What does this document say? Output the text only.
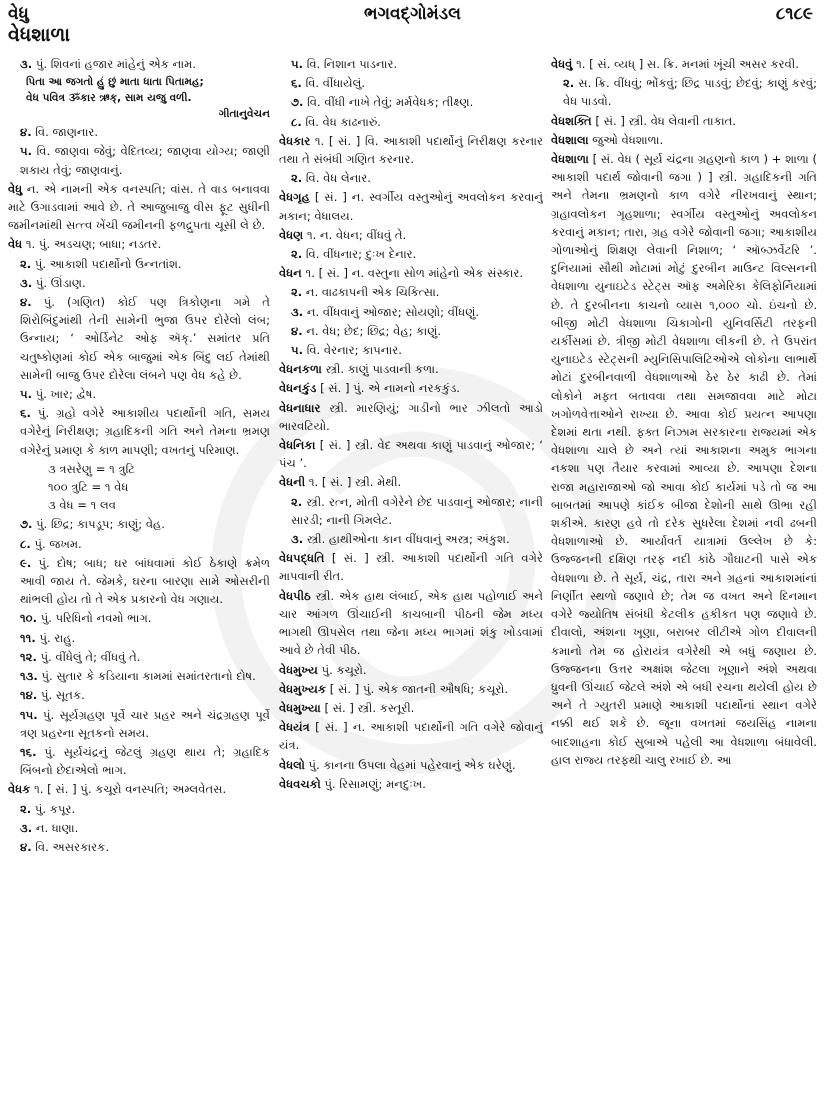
વેધુ
વેધશાળા
ભગવદ્ગોમંડલ	૮૧૮૯
૩. પું. શિવનાં હજાર માંહેનું એક નામ.
પિતા આ જગતો હું છું માતા ધાતા પિતામહ;
વેધ પવિત્ર ૐકાર ઋક્, સામ યજુ વળી.
ગીતાનુવેચન
૪. વિ. જાણનાર.
૫. વિ. જાણવા જેવું; વેદિતવ્ય; જાણવા યોગ્ય; જાણી શકાય તેવું; જાણવાનું.
વેધુ ન. એ નામની એક વનસ્પતિ; વાંસ. તે વાડ બનાવવા માટે ઉગાડવામાં આવે છે. તે આજુબાજુ વીસ ફૂટ સુધીની જમીનમાંથી સત્ત્વ ખેંચી જમીનની ફળદ્રુપતા ચૂસી લે છે.
વેધ ૧. પું. અડચણ; બાધા; નડતર.
૨. પું. આકાશી પદાર્થોનો ઉન્નતાંશ.
૩. પું. ઊંડાણ.
૪. પું. (ગણિત) કોઈ પણ ત્રિકોણના ગમે તે શિરોબિંદુમાંથી તેની સામેની ભુજા ઉપર દોરેલો લંબ; ઉન્નાય; ‘ ઓર્ડિનેટ ઓફ ઍક્.’ સમાંતર પ્રતિ ચતુષ્કોણમાં કોઈ એક બાજુમાં એક બિંદુ લઈ તેમાંથી સામેની બાજુ ઉપર દોરેલા લંબને પણ વેધ કહે છે.
૫. પું. ખાર; દ્વેષ.
૬. પું. ગ્રહો વગેરે આકાશીય પદાર્થોની ગતિ, સમય વગેરેનું નિરીક્ષણ; ગ્રહાદિકની ગતિ અને તેમના ભ્રમણ વગેરેનું પ્રમાણ કે કાળ માપણી; વખતનું પરિમાણ.
૩ ત્રસરેણુ = ૧ ત્રુટિ
૧૦૦ ત્રુટિ = ૧ વેધ
૩ વેધ = ૧ લવ
૭. પું. છિદ્ર; કાપડૂપ; કાણું; વેહ.
૮. પું. જખમ.
૯. પું. દોષ; બાધ; ઘર બાંધવામાં કોઈ ઠેકાણે ક્રમેળ આવી જાય તે. જેમકે, ઘરના બારણા સામે ઓસરીની થાંભલી હોય તો તે એક પ્રકારનો વેધ ગણાય.
૧૦. પું. પરિધિનો નવમો ભાગ.
૧૧. પું. રાહુ.
૧૨. પું. વીંધેલું તે; વીંધવું તે.
૧૩. પું. સુતાર કે કડિયાના કામમાં સમાંતરતાનો દોષ.
૧૪. પું. સૂતક.
૧૫. પું. સૂર્યગ્રહણ પૂર્વે ચાર પ્રહર અને ચંદ્રગ્રહણ પૂર્વે ત્રણ પ્રહરના સૂતકનો સમય.
૧૬. પું. સૂર્યચંદ્રનું જેટલું ગ્રહણ થાય તે; ગ્રહાદિક બિંબનો છેદાએલો ભાગ.
વેધક ૧. [ સં. ] પું. કચૂરો વનસ્પતિ; અમ્લવેતસ.
૨. પું. કપૂર.
૩. ન. ધાણા.
૪. વિ. અસરકારક.
૫. વિ. નિશાન પાડનાર.
૬. વિ. વીંધાયેલું.
૭. વિ. વીંધી નાખે તેવું; મર્મવેધક; તીક્ષ્ણ.
૮. વિ. વેધ કાઢનારું.
વેધકાર ૧. [ સં. ] વિ. આકાશી પદાર્થોનું નિરીક્ષણ કરનાર તથા તે સંબંધી ગણિત કરનાર.
૨. વિ. વેધ લેનાર.
વેધગૃહ [ સં. ] ન. સ્વર્ગીય વસ્તુઓનું અવલોકન કરવાનું મકાન; વેધાલય.
વેધણ ૧. ન. વેધન; વીંધવું તે.
૨. વિ. વીંધનાર; દુઃખ દેનાર.
વેધન ૧. [ સં. ] ન. વસ્તુના સોળ માંહેનો એક સંસ્કાર.
૨. ન. વાઢકાપની એક ચિકિત્સા.
૩. ન. વીંધવાનું ઓજાર; સોયણો; વીંધણું.
૪. ન. વેધ; છેદ; છિદ્ર; વેહ; કાણું.
૫. વિ. વેરનાર; કાપનાર.
વેધનકળા સ્ત્રી. કાણું પાડવાની કળા.
વેધનકુંડ [ સં. ] પું. એ નામનો નરકકુંડ.
વેધનાધાર સ્ત્રી. મારણિયું; ગાડીનો ભાર ઝીલતો આડો ભારવટિયો.
વેધનિકા [ સં. ] સ્ત્રી. વેદ અથવા કાણું પાડવાનું ઓજાર; ‘ પંચ ’.
વેધની ૧. [ સં. ] સ્ત્રી. મેથી.
૨. સ્ત્રી. રત્ન, મોતી વગેરેને છેદ પાડવાનું ઓજાર; નાની સારડી; નાની ગિમલેટ.
૩. સ્ત્રી. હાથીઓના કાન વીંધવાનું અસ્ત્ર; અંકુશ.
વેધપદ્ધતિ [ સં. ] સ્ત્રી. આકાશી પદાર્થોની ગતિ વગેરે માપવાની રીત.
વેધપીઠ સ્ત્રી. એક હાથ લંબાઈ, એક હાથ પહોળાઈ અને ચાર આંગળ ઊંચાઈની કાચબાની પીઠની જેમ મધ્ય ભાગથી ઊપસેલ તથા જેના મધ્ય ભાગમાં શંકુ ખોડવામાં આવે છે તેવી પીઠ.
વેધમુખ્ય પું. કચૂરો.
વેધમુખ્યક [ સં. ] પું. એક જાતની ઔષધિ; કચૂરો.
વેધમુખ્યા [ સં. ] સ્ત્રી. કસ્તૂરી.
વેધયંત્ર [ સં. ] ન. આકાશી પદાર્થોની ગતિ વગેરે જોવાનું યંત્ર.
વેધલો પું. કાનના ઉપલા વેહમાં પહેરવાનું એક ઘરેણું.
વેધવચકો પું. રિસામણું; મનદુઃખ.
વેધવું ૧. [ સં. વ્યધ્ ] સ. ક્રિ. મનમાં ખૂંચી અસર કરવી.
૨. સ. ક્રિ. વીંધવું; ભોંકવું; છિદ્ર પાડવું; છેદવું; કાણું કરવું; વેધ પાડવો.
વેધશક્તિ [ સં. ] સ્ત્રી. વેધ લેવાની તાકાત.
વેધશાલા જુઓ વેધશાળા.
વેધશાળા [ સં. વેધ ( સૂર્ય ચંદ્રના ગ્રહણનો કાળ ) + શાળા ( આકાશી પદાર્થ જોવાની જગા ) ] સ્ત્રી. ગ્રહાદિકની ગતિ અને તેમના ભ્રમણનો કાળ વગેરે નીરખવાનું સ્થાન; ગ્રહાવલોકન ગૃહશાળા; સ્વર્ગીય વસ્તુઓનું અવલોકન કરવાનું મકાન; તારા, ગ્રહ વગેરે જોવાની જગા; આકાશીય ગોળાઓનું શિક્ષણ લેવાની નિશાળ; ‘ ઑબ્ઝર્વેટરિ ’. દુનિયામાં સૌથી મોટામાં મોટું દુરબીન માઉન્ટ વિલ્સનની વેધશાળા યુનાઇટેડ સ્ટેટ્સ ઑફ અમેરિકા કેલિફોર્નિયામાં છે. તે દુરબીનના કાચનો વ્યાસ ૧,૦૦૦ ચો. ઇંચનો છે. બીજી મોટી વેધશાળા ચિકાગોની યુનિવર્સિટી તરફની યર્કીસમાં છે. ત્રીજી મોટી વેધશાળા લીકની છે. તે ઉપરાંત યુનાઇટેડ સ્ટેટ્સની મ્યુનિસિપાલિટિઓએ લોકોના લાભાર્થે મોટાં દુરબીનવાળી વેધશાળાઓ ઠેર ઠેર કાઢી છે. તેમાં લોકોને મફત બતાવવા તથા સમજાવવા માટે મોટા ખગોળવેત્તાઓને રાખ્યા છે. આવા કોઈ પ્રયત્ન આપણા દેશમાં થતા નથી. ફક્ત નિઝામ સરકારના રાજ્યમાં એક વેધશાળા ચાલે છે અને ત્યાં આકાશના અમુક ભાગના નકશા પણ તૈયાર કરવામાં આવ્યા છે. આપણા દેશના રાજા મહારાજાઓ જો આવા કોઈ કાર્યમાં પડે તો જ આ બાબતમાં આપણે કાંઈક બીજા દેશોની સાથે ઊભા રહી શકીએ. કારણ હવે તો દરેક સુધરેલા દેશમાં નવી ઢબની વેધશાળાઓ છે. આર્યાવર્ત યાત્રામાં ઉલ્લેખ છે કે: ઉજ્જનની દક્ષિણ તરફ નદી કાંઠે ગૌઘાટની પાસે એક વેધશાળા છે. તે સૂર્ય, ચંદ્ર, તારા અને ગ્રહનાં આકાશમાંનાં નિર્ણીત સ્થળો જણાવે છે; તેમ જ વખત અને દિનમાન વગેરે જ્યોતિષ સંબંધી કેટલીક હકીકત પણ જણાવે છે. દીવાલો, અંશના ખૂણા, બરાબર લીટીએ ગોળ દીવાલની કમાનો તેમ જ હોરાયંત્ર વગેરેથી એ બધું જણાય છે. ઉજ્જનના ઉત્તર અક્ષાંશ જેટલા ખૂણાને અંશે અથવા ધ્રુવની ઊંચાઈ જેટલે અંશે એ બધી રચના થયેલી હોય છે અને તે ગ્યુતરી પ્રમાણે આકાશી પદાર્થોનાં સ્થાન વગેરે નક્કી થઈ શકે છે. જૂના વખતમાં જયસિંહ નામના બાદશાહના કોઈ સુબાએ પહેલી આ વેધશાળા બંધાવેલી. હાલ રાજ્ય તરફથી ચાલુ રખાઈ છે. આ
